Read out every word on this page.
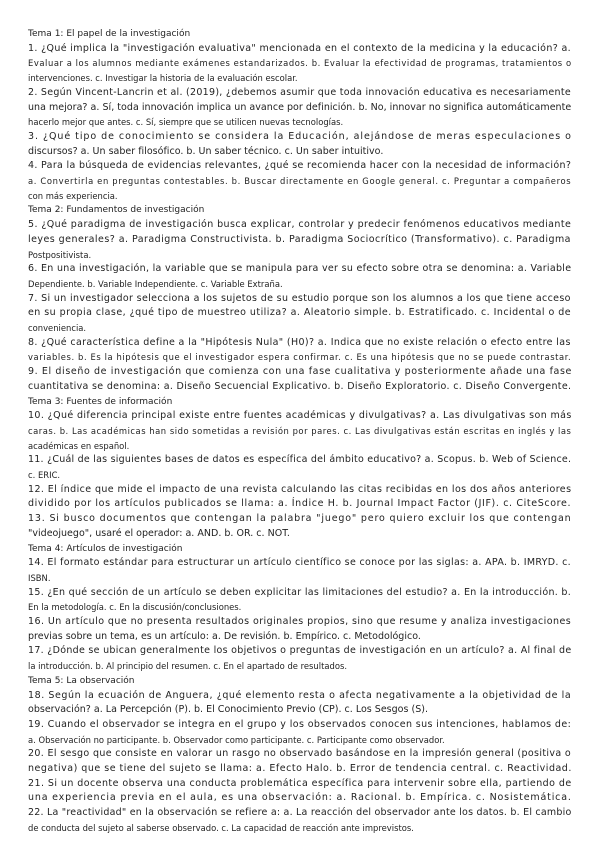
Tema 1: El papel de la investigación
1. ¿Qué implica la "investigación evaluativa" mencionada en el contexto de la medicina y la educación? a.
Evaluar a los alumnos mediante exámenes estandarizados. b. Evaluar la efectividad de programas, tratamientos o
intervenciones. c. Investigar la historia de la evaluación escolar.
2. Según Vincent-Lancrin et al. (2019), ¿debemos asumir que toda innovación educativa es necesariamente
una mejora? a. Sí, toda innovación implica un avance por definición. b. No, innovar no significa automáticamente
hacerlo mejor que antes. c. Sí, siempre que se utilicen nuevas tecnologías.
3. ¿Qué tipo de conocimiento se considera la Educación, alejándose de meras especulaciones o
discursos? a. Un saber filosófico. b. Un saber técnico. c. Un saber intuitivo.
4. Para la búsqueda de evidencias relevantes, ¿qué se recomienda hacer con la necesidad de información?
a. Convertirla en preguntas contestables. b. Buscar directamente en Google general. c. Preguntar a compañeros
con más experiencia.
Tema 2: Fundamentos de investigación
5. ¿Qué paradigma de investigación busca explicar, controlar y predecir fenómenos educativos mediante
leyes generales? a. Paradigma Constructivista. b. Paradigma Sociocrítico (Transformativo). c. Paradigma
Postpositivista.
6. En una investigación, la variable que se manipula para ver su efecto sobre otra se denomina: a. Variable
Dependiente. b. Variable Independiente. c. Variable Extraña.
7. Si un investigador selecciona a los sujetos de su estudio porque son los alumnos a los que tiene acceso
en su propia clase, ¿qué tipo de muestreo utiliza? a. Aleatorio simple. b. Estratificado. c. Incidental o de
conveniencia.
8. ¿Qué característica define a la "Hipótesis Nula" (H0)? a. Indica que no existe relación o efecto entre las
variables. b. Es la hipótesis que el investigador espera confirmar. c. Es una hipótesis que no se puede contrastar.
9. El diseño de investigación que comienza con una fase cualitativa y posteriormente añade una fase
cuantitativa se denomina: a. Diseño Secuencial Explicativo. b. Diseño Exploratorio. c. Diseño Convergente.
Tema 3: Fuentes de información
10. ¿Qué diferencia principal existe entre fuentes académicas y divulgativas? a. Las divulgativas son más
caras. b. Las académicas han sido sometidas a revisión por pares. c. Las divulgativas están escritas en inglés y las
académicas en español.
11. ¿Cuál de las siguientes bases de datos es específica del ámbito educativo? a. Scopus. b. Web of Science.
c. ERIC.
12. El índice que mide el impacto de una revista calculando las citas recibidas en los dos años anteriores
dividido por los artículos publicados se llama: a. Índice H. b. Journal Impact Factor (JIF). c. CiteScore.
13. Si busco documentos que contengan la palabra "juego" pero quiero excluir los que contengan
"videojuego", usaré el operador: a. AND. b. OR. c. NOT.
Tema 4: Artículos de investigación
14. El formato estándar para estructurar un artículo científico se conoce por las siglas: a. APA. b. IMRYD. c.
ISBN.
15. ¿En qué sección de un artículo se deben explicitar las limitaciones del estudio? a. En la introducción. b.
En la metodología. c. En la discusión/conclusiones.
16. Un artículo que no presenta resultados originales propios, sino que resume y analiza investigaciones
previas sobre un tema, es un artículo: a. De revisión. b. Empírico. c. Metodológico.
17. ¿Dónde se ubican generalmente los objetivos o preguntas de investigación en un artículo? a. Al final de
la introducción. b. Al principio del resumen. c. En el apartado de resultados.
Tema 5: La observación
18. Según la ecuación de Anguera, ¿qué elemento resta o afecta negativamente a la objetividad de la
observación? a. La Percepción (P). b. El Conocimiento Previo (CP). c. Los Sesgos (S).
19. Cuando el observador se integra en el grupo y los observados conocen sus intenciones, hablamos de:
a. Observación no participante. b. Observador como participante. c. Participante como observador.
20. El sesgo que consiste en valorar un rasgo no observado basándose en la impresión general (positiva o
negativa) que se tiene del sujeto se llama: a. Efecto Halo. b. Error de tendencia central. c. Reactividad.
21. Si un docente observa una conducta problemática específica para intervenir sobre ella, partiendo de
una experiencia previa en el aula, es una observación: a. Racional. b. Empírica. c. Nosistemática.
22. La "reactividad" en la observación se refiere a: a. La reacción del observador ante los datos. b. El cambio
de conducta del sujeto al saberse observado. c. La capacidad de reacción ante imprevistos.
